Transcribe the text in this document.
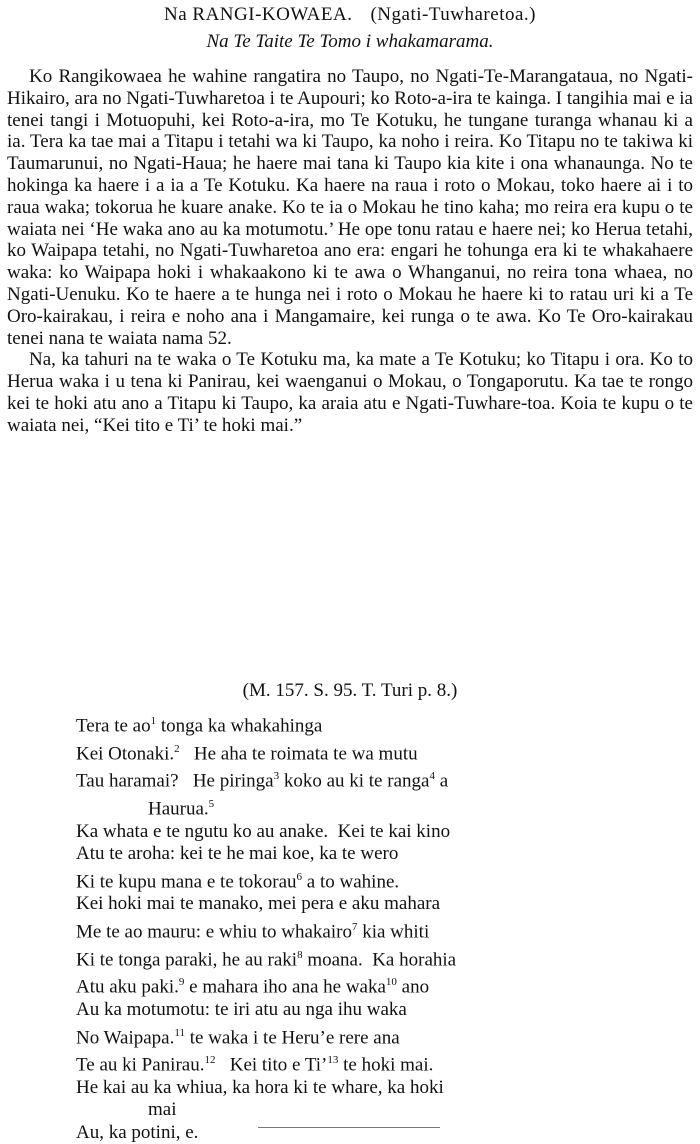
Na RANGI-KOWAEA. (Ngati-Tuwharetoa.)
Na Te Taite Te Tomo i whakamarama.

Ko Rangikowaea he wahine rangatira no Taupo, no Ngati-Te-Marangataua, no Ngati-Hikairo, ara no Ngati-Tuwharetoa i te Aupouri; ko Roto-a-ira te kainga. I tangihia mai e ia tenei tangi i Motuopuhi, kei Roto-a-ira, mo Te Kotuku, he tungane turanga whanau ki a ia. Tera ka tae mai a Titapu i tetahi wa ki Taupo, ka noho i reira. Ko Titapu no te takiwa ki Taumarunui, no Ngati-Haua; he haere mai tana ki Taupo kia kite i ona whanaunga. No te hokinga ka haere i a ia a Te Kotuku. Ka haere na raua i roto o Mokau, toko haere ai i to raua waka; tokorua he kuare anake. Ko te ia o Mokau he tino kaha; mo reira era kupu o te waiata nei ‘He waka ano au ka motumotu.’ He ope tonu ratau e haere nei; ko Herua tetahi, ko Waipapa tetahi, no Ngati-Tuwharetoa ano era: engari he tohunga era ki te whakahaere waka: ko Waipapa hoki i whakaakono ki te awa o Whanganui, no reira tona whaea, no Ngati-Uenuku. Ko te haere a te hunga nei i roto o Mokau he haere ki to ratau uri ki a Te Oro-kairakau, i reira e noho ana i Mangamaire, kei runga o te awa. Ko Te Oro-kairakau tenei nana te waiata nama 52.

Na, ka tahuri na te waka o Te Kotuku ma, ka mate a Te Kotuku; ko Titapu i ora. Ko to Herua waka i u tena ki Panirau, kei waenganui o Mokau, o Tongaporutu. Ka tae te rongo kei te hoki atu ano a Titapu ki Taupo, ka araia atu e Ngati-Tuwhare-toa. Koia te kupu o te waiata nei, “Kei tito e Ti’ te hoki mai.”

(M. 157. S. 95. T. Turi p. 8.)
Tera te $ao^1$ tonga ka whakahinga
Kei Otonaki.$^2$   He aha te roimata te wa mutu
Tau haramai?   He piringa$^3$ koko au ki te ranga$^4$ a
Haurua.$^5$
Ka whata e te ngutu ko au anake.  Kei te kai kino
Atu te aroha: kei te he mai koe, ka te wero
Ki te kupu mana e te tokorau$^6$ a to wahine.
Kei hoki mai te manako, mei pera e aku mahara
Me te ao mauru: e whiu to whakairo$^7$ kia whiti
Ki te tonga paraki, he au raki$^8$ moana.  Ka horahia
Atu aku paki.$^9$ e mahara iho ana he waka$^{10}$ ano
Au ka motumotu: te iri atu au nga ihu waka
No Waipapa.$^{11}$ te waka i te Heru’e rere ana
Te au ki Panirau.$^{12}$   Kei tito e Ti’$^{13}$ te hoki mai.
He kai au ka whiua, ka hora ki te whare, ka hoki
mai
Au, ka potini, e.
